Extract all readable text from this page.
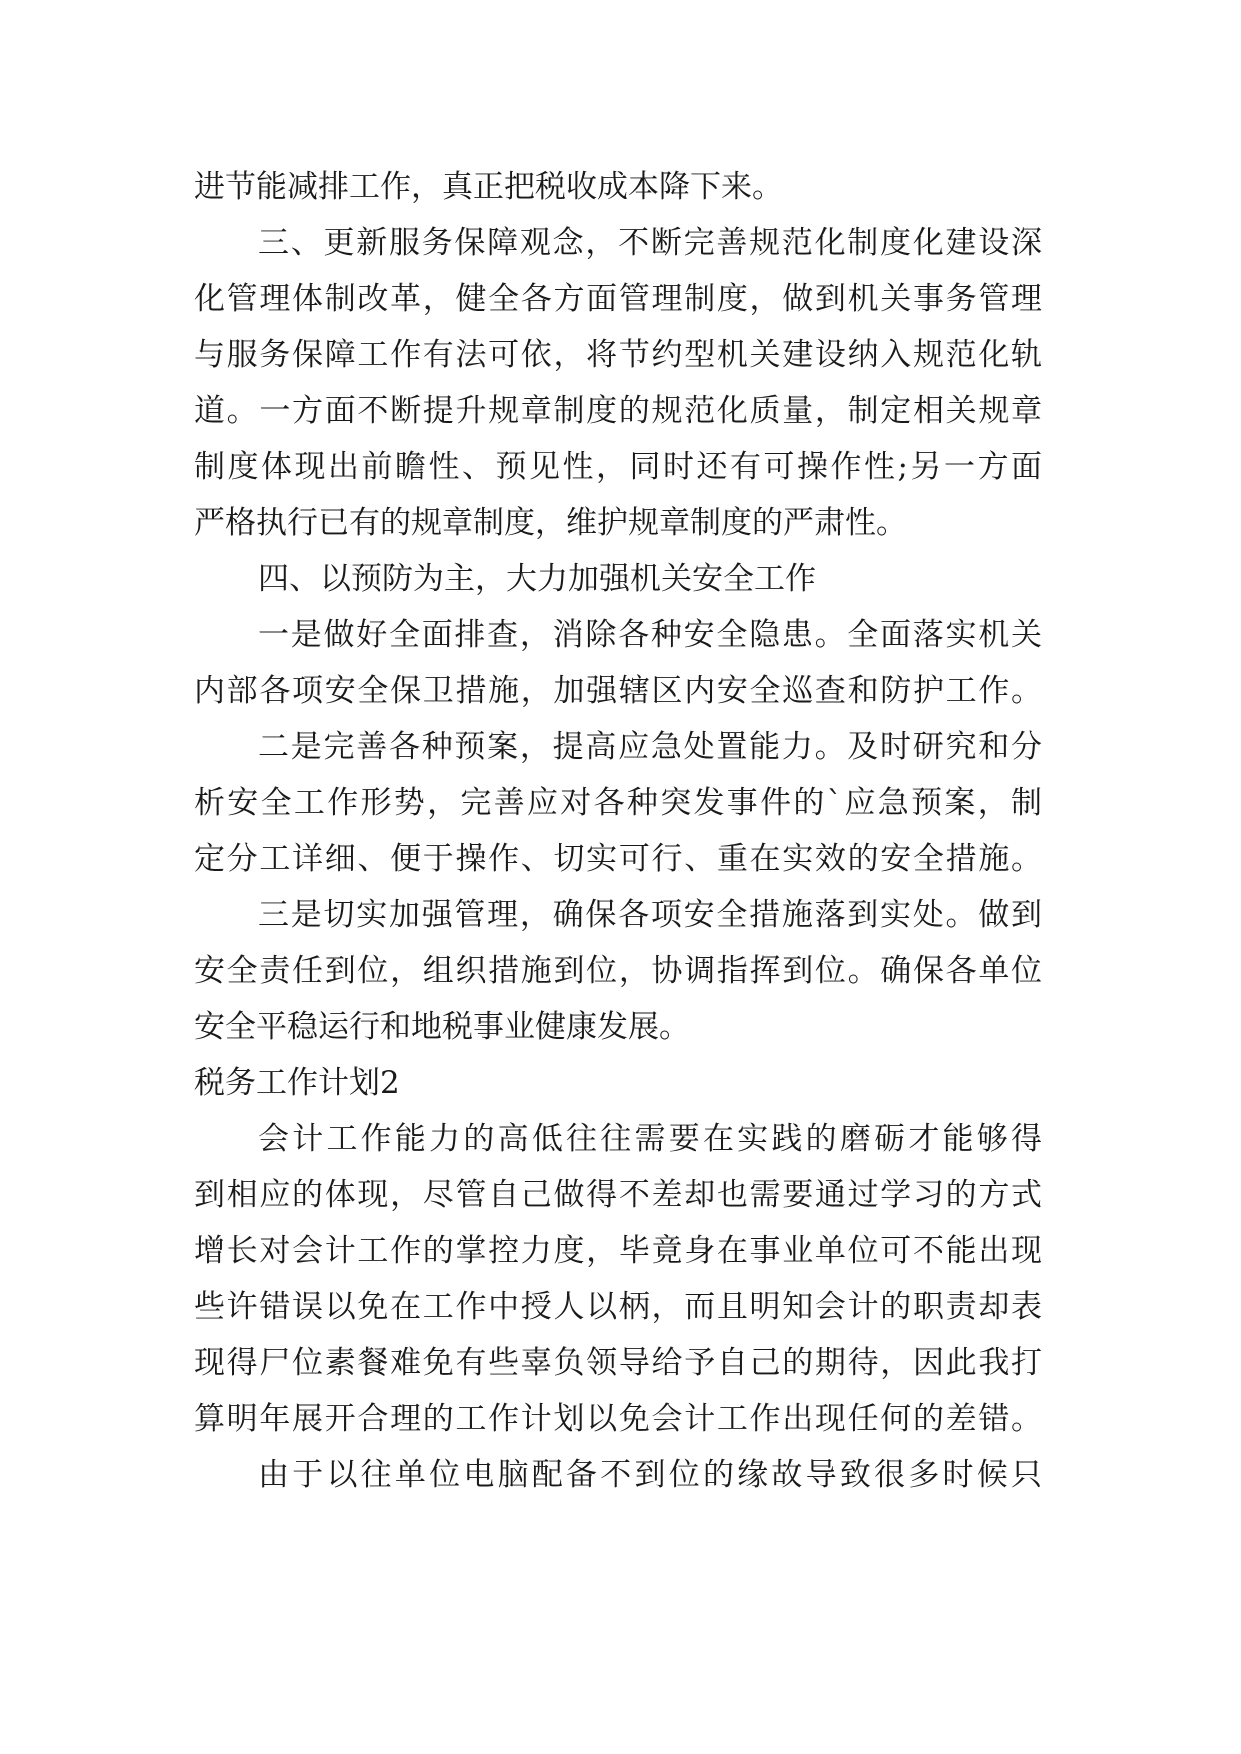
进节能减排工作，真正把税收成本降下来。
三、更新服务保障观念，不断完善规范化制度化建设深
化管理体制改革，健全各方面管理制度，做到机关事务管理
与服务保障工作有法可依，将节约型机关建设纳入规范化轨
道。一方面不断提升规章制度的规范化质量，制定相关规章
制度体现出前瞻性、预见性，同时还有可操作性;另一方面
严格执行已有的规章制度，维护规章制度的严肃性。
四、以预防为主，大力加强机关安全工作
一是做好全面排查，消除各种安全隐患。全面落实机关
内部各项安全保卫措施，加强辖区内安全巡查和防护工作。
二是完善各种预案，提高应急处置能力。及时研究和分
析安全工作形势，完善应对各种突发事件的`应急预案，制
定分工详细、便于操作、切实可行、重在实效的安全措施。
三是切实加强管理，确保各项安全措施落到实处。做到
安全责任到位，组织措施到位，协调指挥到位。确保各单位
安全平稳运行和地税事业健康发展。
税务工作计划2
会计工作能力的高低往往需要在实践的磨砺才能够得
到相应的体现，尽管自己做得不差却也需要通过学习的方式
增长对会计工作的掌控力度，毕竟身在事业单位可不能出现
些许错误以免在工作中授人以柄，而且明知会计的职责却表
现得尸位素餐难免有些辜负领导给予自己的期待，因此我打
算明年展开合理的工作计划以免会计工作出现任何的差错。
由于以往单位电脑配备不到位的缘故导致很多时候只
